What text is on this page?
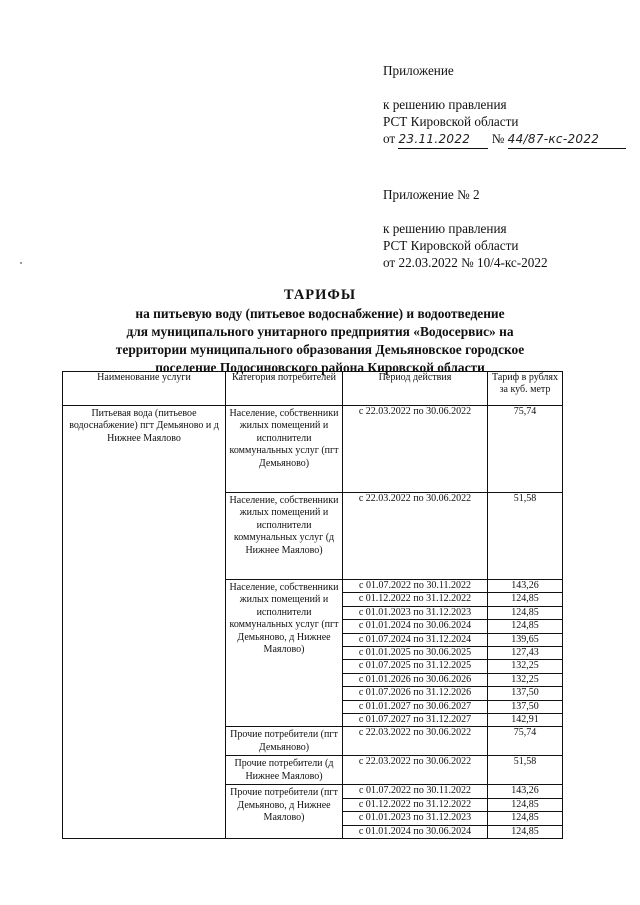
Приложение
к решению правления
РСТ Кировской области
от 23.11.2022 № 44/87-кс-2022
Приложение № 2
к решению правления
РСТ Кировской области
от 22.03.2022 № 10/4-кс-2022
ТАРИФЫ
на питьевую воду (питьевое водоснабжение) и водоотведение
для муниципального унитарного предприятия «Водосервис» на
территории муниципального образования Демьяновское городское
поселение Подосиновского района Кировской области
Наименование услуги	Категория потребителей	Период действия	Тариф в рублях за куб. метр
Питьевая вода (питьевое водоснабжение) пгт Демьяново и д Нижнее Маялово	Население, собственники жилых помещений и исполнители коммунальных услуг (пгт Демьяново)	с 22.03.2022 по 30.06.2022	75,74
	Население, собственники жилых помещений и исполнители коммунальных услуг (д Нижнее Маялово)	с 22.03.2022 по 30.06.2022	51,58
	Население, собственники жилых помещений и исполнители коммунальных услуг (пгт Демьяново, д Нижнее Маялово)	с 01.07.2022 по 30.11.2022	143,26
		с 01.12.2022 по 31.12.2022	124,85
		с 01.01.2023 по 31.12.2023	124,85
		с 01.01.2024 по 30.06.2024	124,85
		с 01.07.2024 по 31.12.2024	139,65
		с 01.01.2025 по 30.06.2025	127,43
		с 01.07.2025 по 31.12.2025	132,25
		с 01.01.2026 по 30.06.2026	132,25
		с 01.07.2026 по 31.12.2026	137,50
		с 01.01.2027 по 30.06.2027	137,50
		с 01.07.2027 по 31.12.2027	142,91
	Прочие потребители (пгт Демьяново)	с 22.03.2022 по 30.06.2022	75,74
	Прочие потребители (д Нижнее Маялово)	с 22.03.2022 по 30.06.2022	51,58
	Прочие потребители (пгт Демьяново, д Нижнее Маялово)	с 01.07.2022 по 30.11.2022	143,26
		с 01.12.2022 по 31.12.2022	124,85
		с 01.01.2023 по 31.12.2023	124,85
		с 01.01.2024 по 30.06.2024	124,85
